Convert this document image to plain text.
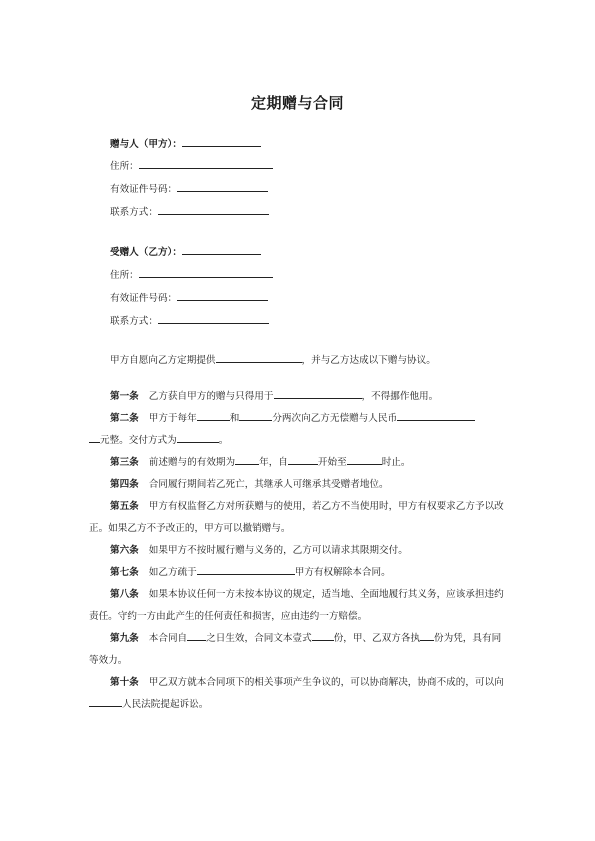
定期赠与合同
赠与人（甲方）：
住所：
有效证件号码：
联系方式：
受赠人（乙方）：
住所：
有效证件号码：
联系方式：
甲方自愿向乙方定期提供	，并与乙方达成以下赠与协议。

第一条 乙方获自甲方的赠与只得用于	，不得挪作他用。

第二条 甲方于每年	和	分两次向乙方无偿赠与人民币
元整。交付方式为	。

第三条 前述赠与的有效期为	年，自	开始至	时止。

第四条 合同履行期间若乙死亡，其继承人可继承其受赠者地位。

第五条 甲方有权监督乙方对所获赠与的使用，若乙方不当使用时，甲方有权要求乙方予以改正。如果乙方不予改正的，甲方可以撤销赠与。

第六条 如果甲方不按时履行赠与义务的，乙方可以请求其限期交付。

第七条 如乙方疏于	甲方有权解除本合同。

第八条 如果本协议任何一方未按本协议的规定，适当地、全面地履行其义务，应该承担违约责任。守约一方由此产生的任何责任和损害，应由违约一方赔偿。

第九条 本合同自 之日生效，合同文本壹式 份，甲、乙双方各执 份为凭，具有同等效力。

第十条 甲乙双方就本合同项下的相关事项产生争议的，可以协商解决，协商不成的，可以向人民法院提起诉讼。
